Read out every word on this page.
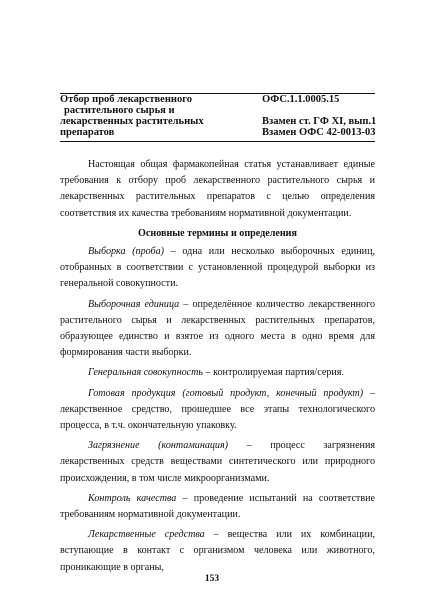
Отбор проб лекарственного
растительного сырья и
лекарственных растительных
препаратов
ОФС.1.1.0005.15
Взамен ст. ГФ XI, вып.1
Взамен ОФС 42-0013-03

Настоящая общая фармакопейная статья устанавливает единые требования к отбору проб лекарственного растительного сырья и лекарственных растительных препаратов с целью определения соответствия их качества требованиям нормативной документации.

Основные термины и определения

Выборка (проба) – одна или несколько выборочных единиц, отобранных в соответствии с установленной процедурой выборки из генеральной совокупности.

Выборочная единица – определённое количество лекарственного растительного сырья и лекарственных растительных препаратов, образующее единство и взятое из одного места в одно время для формирования части выборки.

Генеральная совокупность – контролируемая партия/серия.

Готовая продукция (готовый продукт, конечный продукт) – лекарственное средство, прошедшее все этапы технологического процесса, в т.ч. окончательную упаковку.

Загрязнение (контаминация) – процесс загрязнения лекарственных средств веществами синтетического или природного происхождения, в том числе микроорганизмами.

Контроль качества – проведение испытаний на соответствие требованиям нормативной документации.

Лекарственные средства – вещества или их комбинации, вступающие в контакт с организмом человека или животного, проникающие в органы,

153
